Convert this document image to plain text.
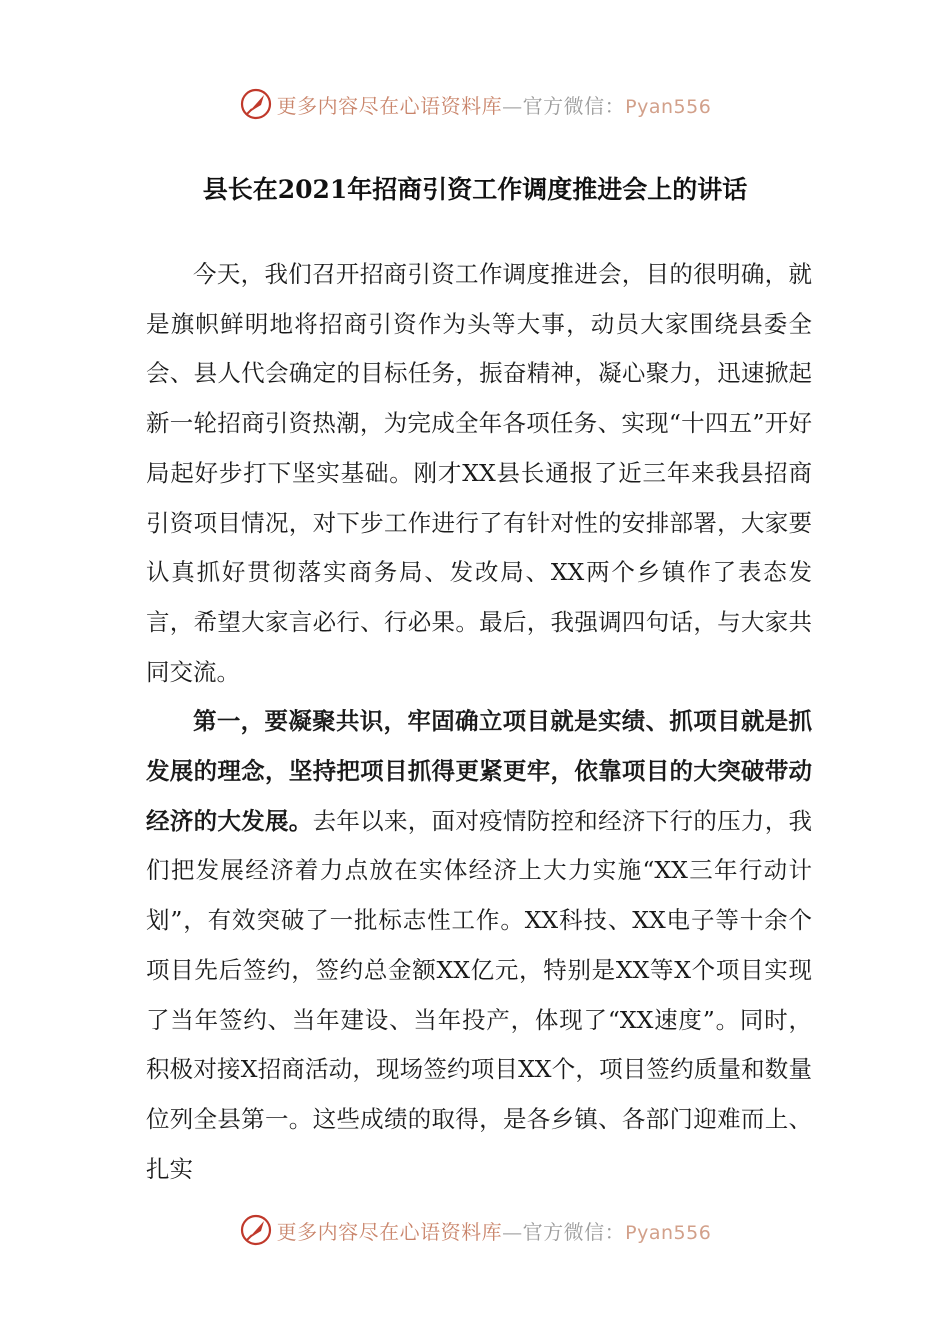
更多内容尽在心语资料库—官方微信：Pyan556
县长在2021年招商引资工作调度推进会上的讲话

今天，我们召开招商引资工作调度推进会，目的很明确，就是旗帜鲜明地将招商引资作为头等大事，动员大家围绕县委全会、县人代会确定的目标任务，振奋精神，凝心聚力，迅速掀起新一轮招商引资热潮，为完成全年各项任务、实现“十四五”开好局起好步打下坚实基础。刚才XX县长通报了近三年来我县招商引资项目情况，对下步工作进行了有针对性的安排部署，大家要认真抓好贯彻落实商务局、发改局、XX两个乡镇作了表态发言，希望大家言必行、行必果。最后，我强调四句话，与大家共同交流。

第一，要凝聚共识，牢固确立项目就是实绩、抓项目就是抓发展的理念，坚持把项目抓得更紧更牢，依靠项目的大突破带动经济的大发展。去年以来，面对疫情防控和经济下行的压力，我们把发展经济着力点放在实体经济上大力实施“XX三年行动计划”，有效突破了一批标志性工作。XX科技、XX电子等十余个项目先后签约，签约总金额XX亿元，特别是XX等X个项目实现了当年签约、当年建设、当年投产，体现了“XX速度”。同时，积极对接X招商活动，现场签约项目XX个，项目签约质量和数量位列全县第一。这些成绩的取得，是各乡镇、各部门迎难而上、扎实

更多内容尽在心语资料库—官方微信：Pyan556
